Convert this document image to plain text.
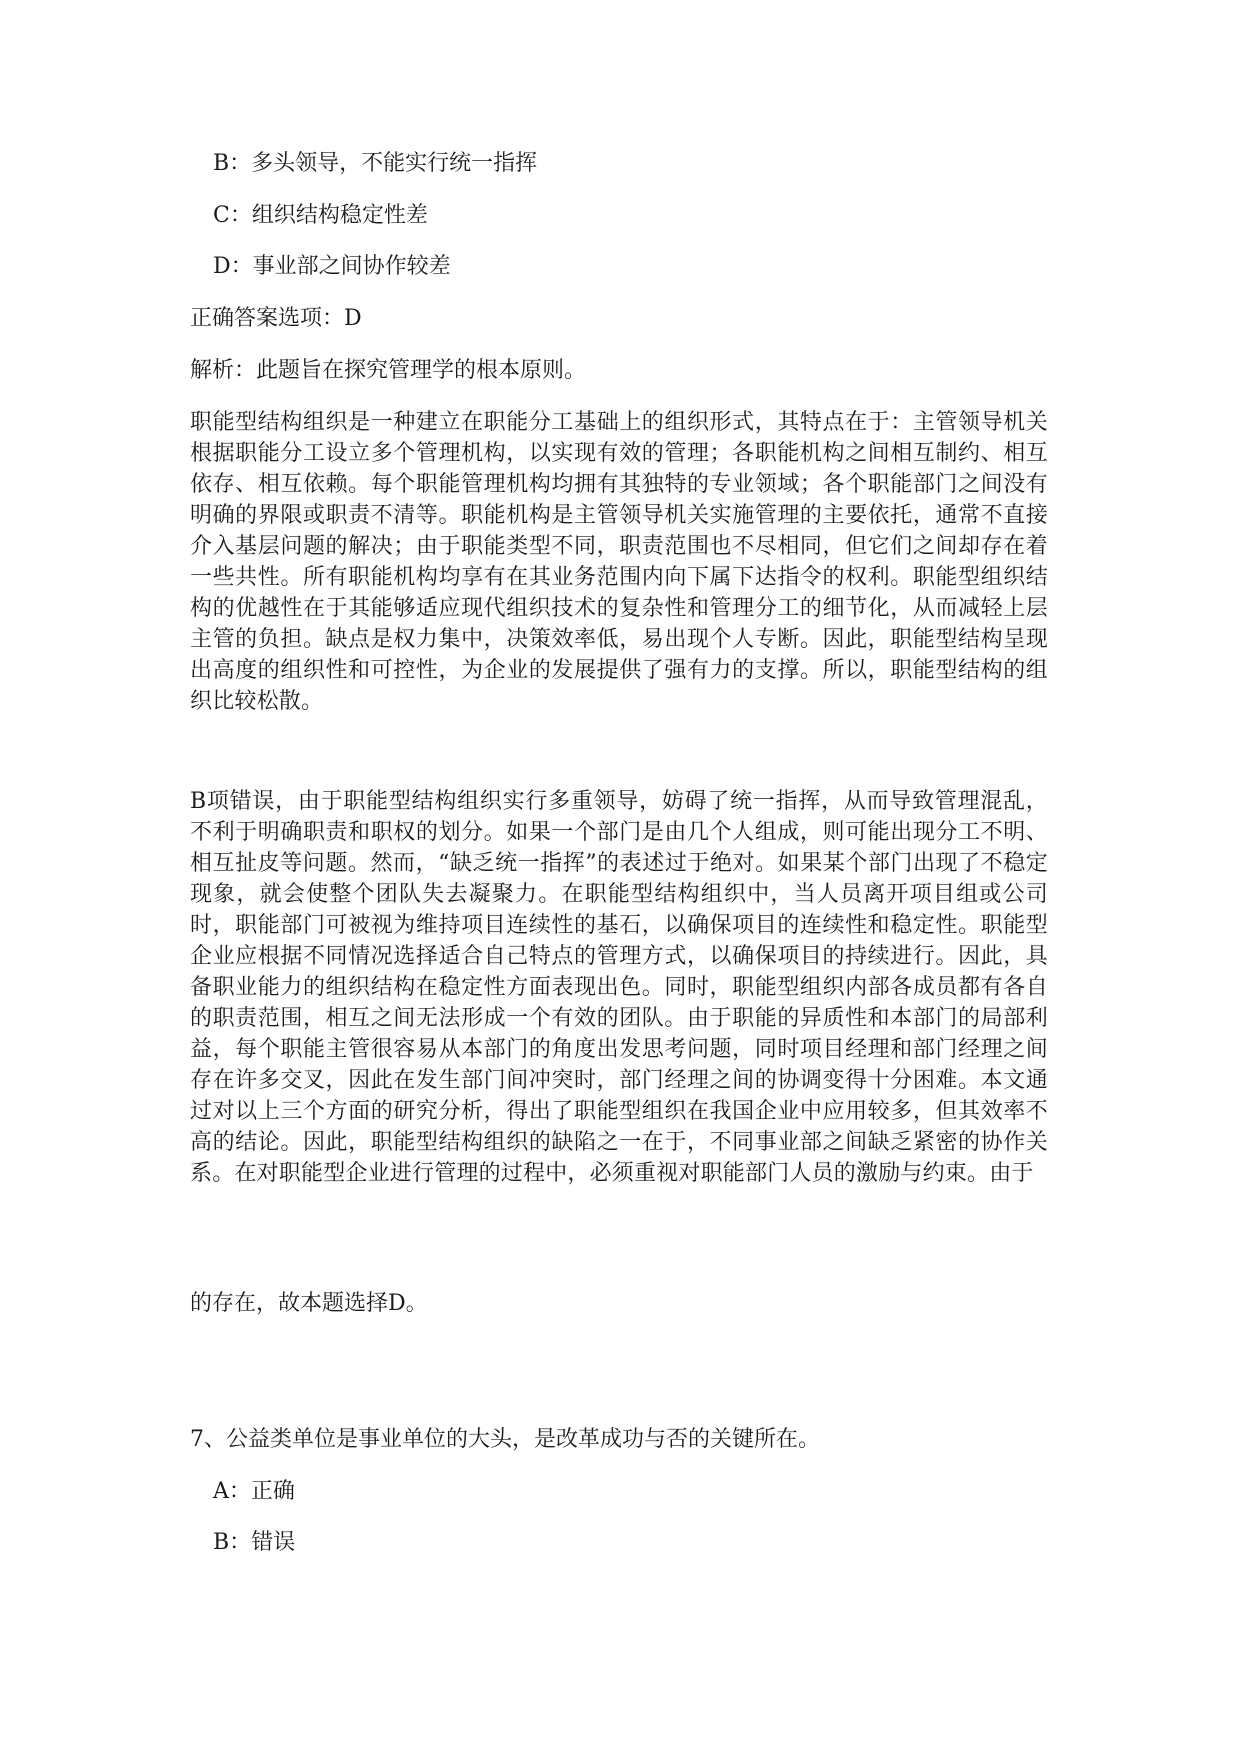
B：多头领导，不能实行统一指挥
C：组织结构稳定性差
D：事业部之间协作较差
正确答案选项：D
解析：此题旨在探究管理学的根本原则。
职能型结构组织是一种建立在职能分工基础上的组织形式，其特点在于：主管领导机关根据职能分工设立多个管理机构，以实现有效的管理；各职能机构之间相互制约、相互依存、相互依赖。每个职能管理机构均拥有其独特的专业领域；各个职能部门之间没有明确的界限或职责不清等。职能机构是主管领导机关实施管理的主要依托，通常不直接介入基层问题的解决；由于职能类型不同，职责范围也不尽相同，但它们之间却存在着一些共性。所有职能机构均享有在其业务范围内向下属下达指令的权利。职能型组织结构的优越性在于其能够适应现代组织技术的复杂性和管理分工的细节化，从而减轻上层主管的负担。缺点是权力集中，决策效率低，易出现个人专断。因此，职能型结构呈现出高度的组织性和可控性，为企业的发展提供了强有力的支撑。所以，职能型结构的组织比较松散。
B项错误，由于职能型结构组织实行多重领导，妨碍了统一指挥，从而导致管理混乱，不利于明确职责和职权的划分。如果一个部门是由几个人组成，则可能出现分工不明、相互扯皮等问题。然而，“缺乏统一指挥”的表述过于绝对。如果某个部门出现了不稳定现象，就会使整个团队失去凝聚力。在职能型结构组织中，当人员离开项目组或公司时，职能部门可被视为维持项目连续性的基石，以确保项目的连续性和稳定性。职能型企业应根据不同情况选择适合自己特点的管理方式，以确保项目的持续进行。因此，具备职业能力的组织结构在稳定性方面表现出色。同时，职能型组织内部各成员都有各自的职责范围，相互之间无法形成一个有效的团队。由于职能的异质性和本部门的局部利益，每个职能主管很容易从本部门的角度出发思考问题，同时项目经理和部门经理之间存在许多交叉，因此在发生部门间冲突时，部门经理之间的协调变得十分困难。本文通过对以上三个方面的研究分析，得出了职能型组织在我国企业中应用较多，但其效率不高的结论。因此，职能型结构组织的缺陷之一在于，不同事业部之间缺乏紧密的协作关系。在对职能型企业进行管理的过程中，必须重视对职能部门人员的激励与约束。由于
的存在，故本题选择D。
7、公益类单位是事业单位的大头，是改革成功与否的关键所在。
A：正确
B：错误
